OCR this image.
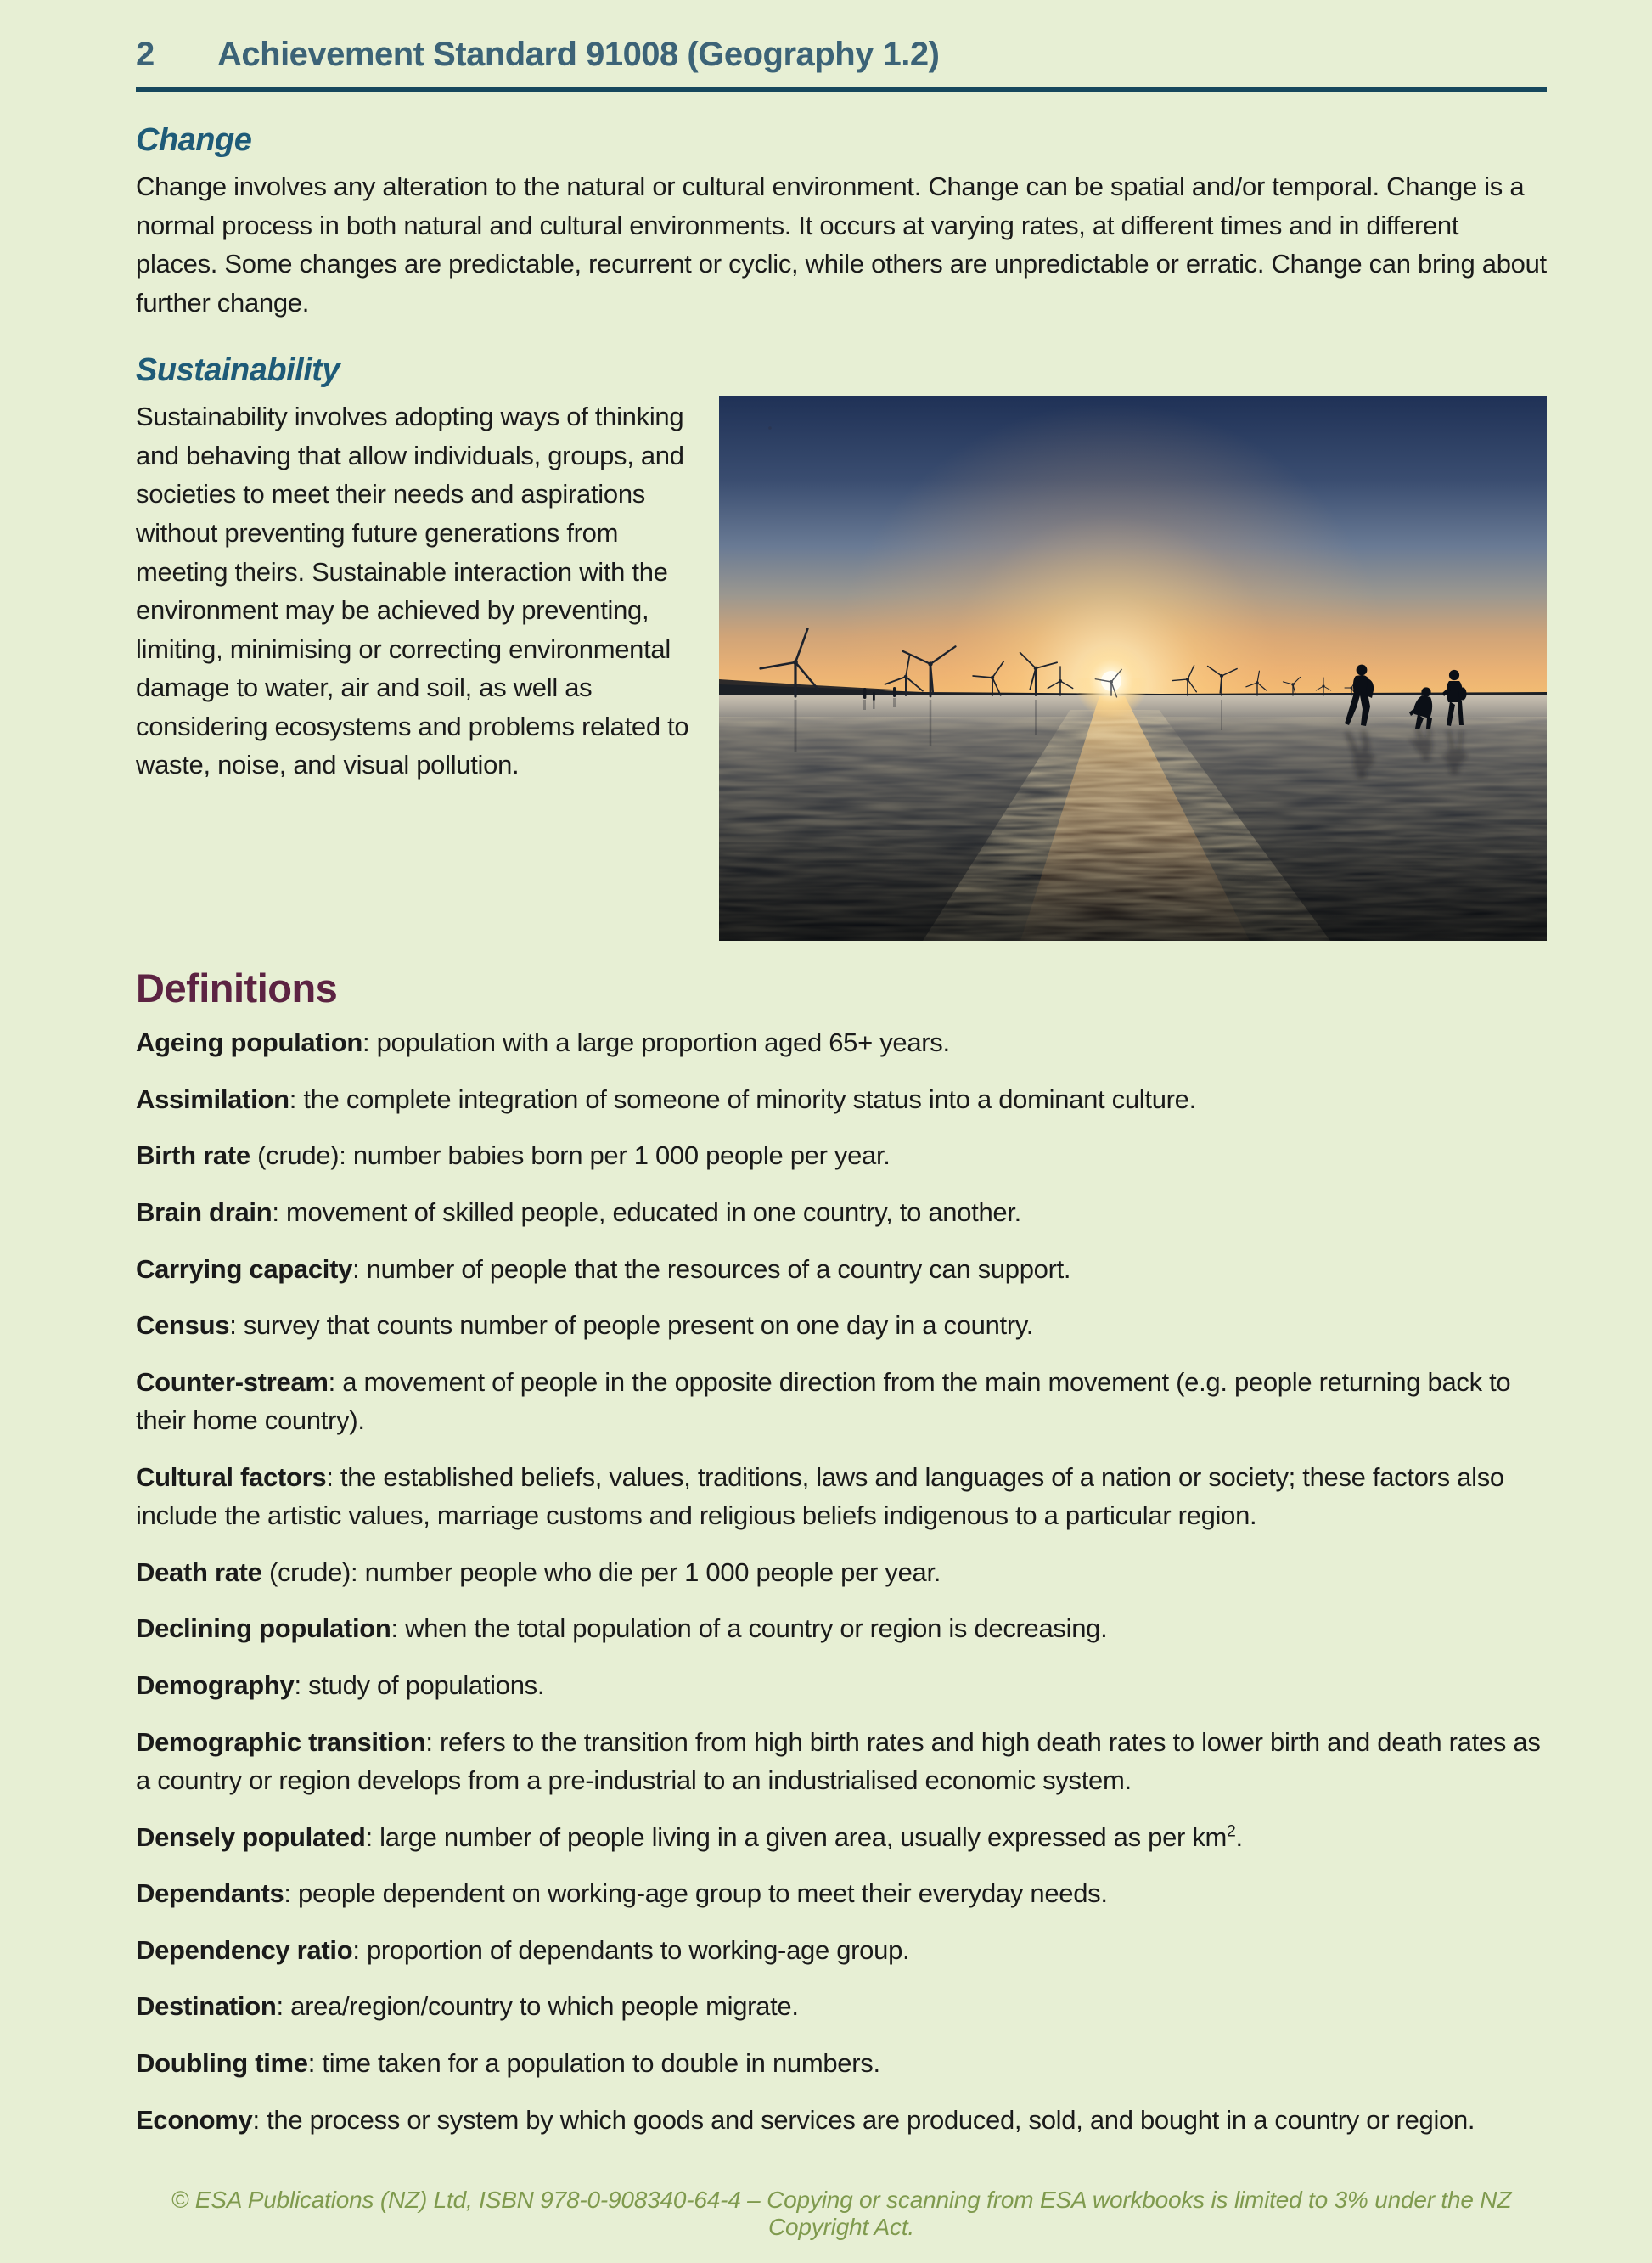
2	Achievement Standard 91008 (Geography 1.2)
Change

Change involves any alteration to the natural or cultural environment. Change can be spatial and/or temporal. Change is a normal process in both natural and cultural environments. It occurs at varying rates, at different times and in different places. Some changes are predictable, recurrent or cyclic, while others are unpredictable or erratic. Change can bring about further change.

Sustainability

Sustainability involves adopting ways of thinking and behaving that allow individuals, groups, and societies to meet their needs and aspirations without preventing future generations from meeting theirs. Sustainable interaction with the environment may be achieved by preventing, limiting, minimising or correcting environmental damage to water, air and soil, as well as considering ecosystems and problems related to waste, noise, and visual pollution.

Definitions

Ageing population: population with a large proportion aged 65+ years.

Assimilation: the complete integration of someone of minority status into a dominant culture.

Birth rate (crude): number babies born per 1 000 people per year.

Brain drain: movement of skilled people, educated in one country, to another.

Carrying capacity: number of people that the resources of a country can support.

Census: survey that counts number of people present on one day in a country.

Counter-stream: a movement of people in the opposite direction from the main movement (e.g. people returning back to their home country).

Cultural factors: the established beliefs, values, traditions, laws and languages of a nation or society; these factors also include the artistic values, marriage customs and religious beliefs indigenous to a particular region.

Death rate (crude): number people who die per 1 000 people per year.

Declining population: when the total population of a country or region is decreasing.

Demography: study of populations.

Demographic transition: refers to the transition from high birth rates and high death rates to lower birth and death rates as a country or region develops from a pre-industrial to an industrialised economic system.

Densely populated: large number of people living in a given area, usually expressed as per $km^2$.

Dependants: people dependent on working-age group to meet their everyday needs.

Dependency ratio: proportion of dependants to working-age group.

Destination: area/region/country to which people migrate.

Doubling time: time taken for a population to double in numbers.

Economy: the process or system by which goods and services are produced, sold, and bought in a country or region.

© ESA Publications (NZ) Ltd, ISBN 978-0-908340-64-4 – Copying or scanning from ESA workbooks is limited to 3% under the NZ Copyright Act.
